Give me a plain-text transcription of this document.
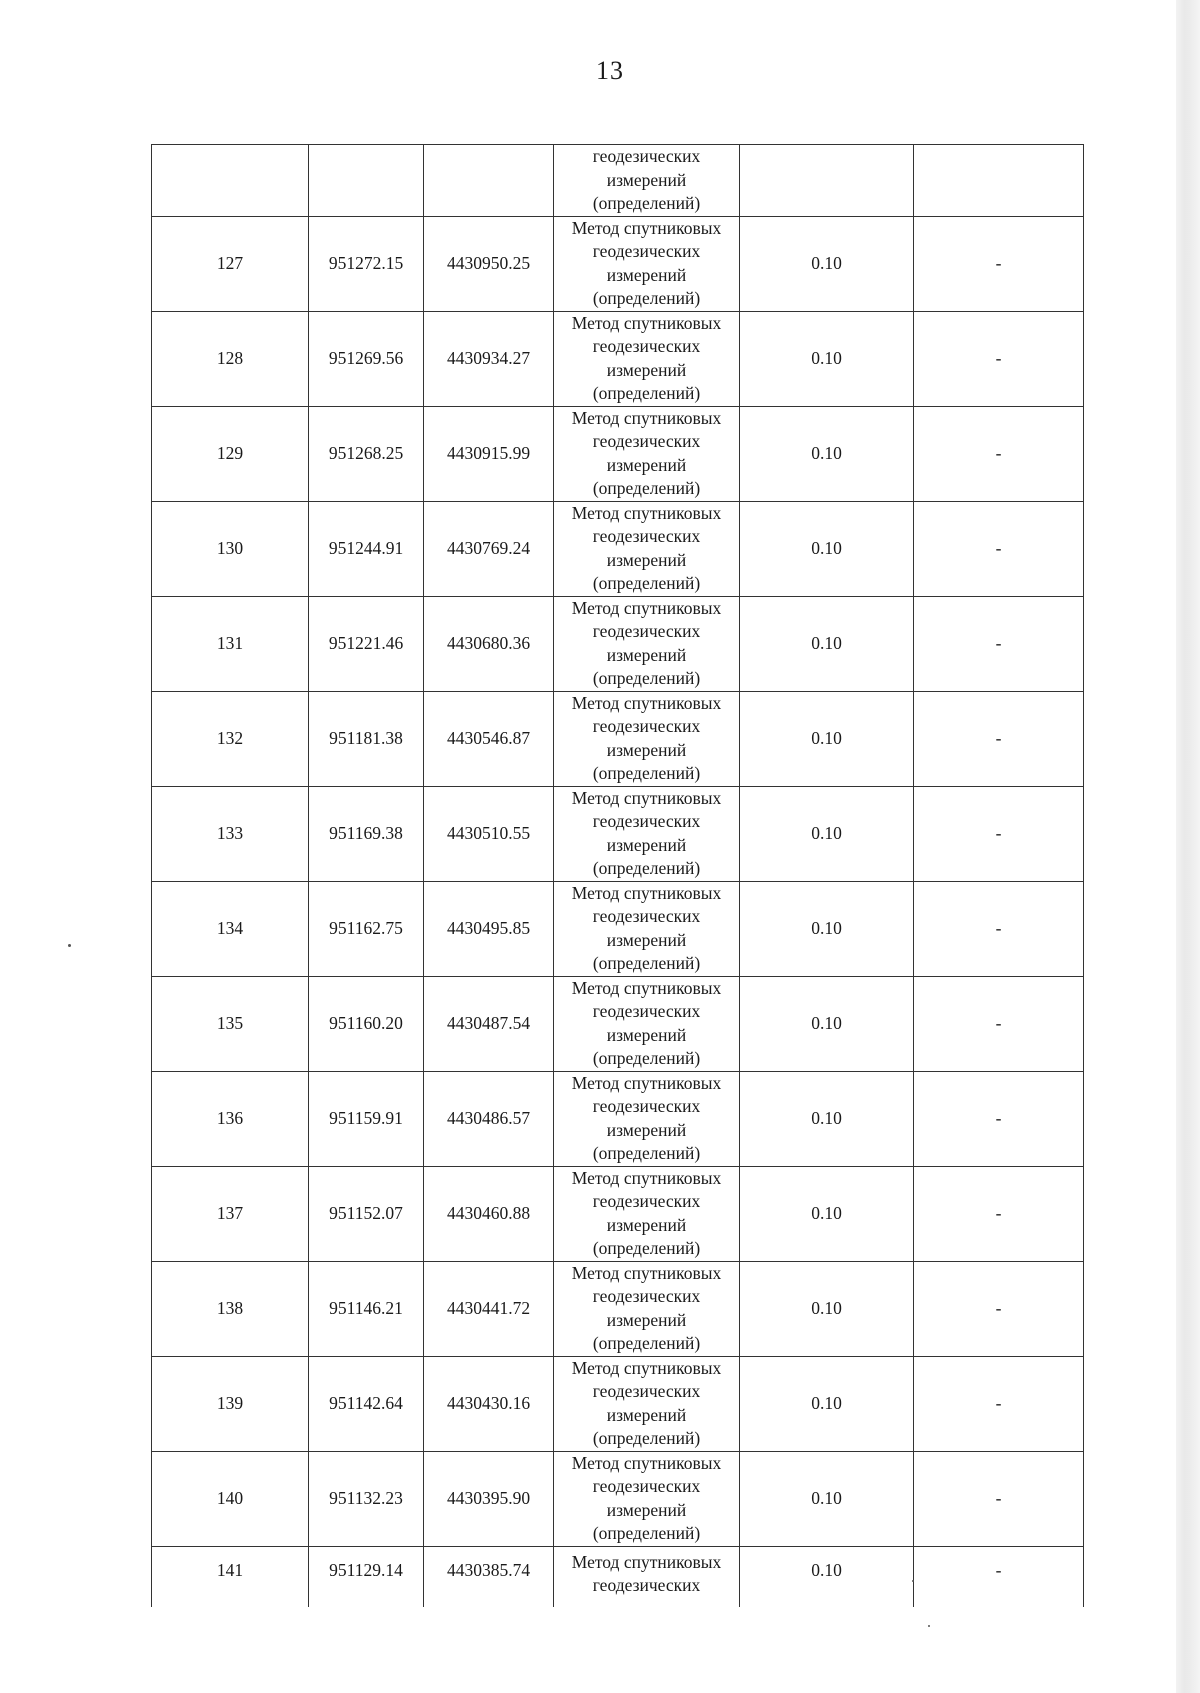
13

			геодезических
измерений
(определений)		

127	951272.15	4430950.25	Метод спутниковых
геодезических
измерений
(определений)	0.10	-
128	951269.56	4430934.27	Метод спутниковых
геодезических
измерений
(определений)	0.10	-
129	951268.25	4430915.99	Метод спутниковых
геодезических
измерений
(определений)	0.10	-
130	951244.91	4430769.24	Метод спутниковых
геодезических
измерений
(определений)	0.10	-
131	951221.46	4430680.36	Метод спутниковых
геодезических
измерений
(определений)	0.10	-
132	951181.38	4430546.87	Метод спутниковых
геодезических
измерений
(определений)	0.10	-
133	951169.38	4430510.55	Метод спутниковых
геодезических
измерений
(определений)	0.10	-
134	951162.75	4430495.85	Метод спутниковых
геодезических
измерений
(определений)	0.10	-
135	951160.20	4430487.54	Метод спутниковых
геодезических
измерений
(определений)	0.10	-
136	951159.91	4430486.57	Метод спутниковых
геодезических
измерений
(определений)	0.10	-
137	951152.07	4430460.88	Метод спутниковых
геодезических
измерений
(определений)	0.10	-
138	951146.21	4430441.72	Метод спутниковых
геодезических
измерений
(определений)	0.10	-
139	951142.64	4430430.16	Метод спутниковых
геодезических
измерений
(определений)	0.10	-
140	951132.23	4430395.90	Метод спутниковых
геодезических
измерений
(определений)	0.10	-
141	951129.14	4430385.74	Метод спутниковых
геодезических	0.10	-
